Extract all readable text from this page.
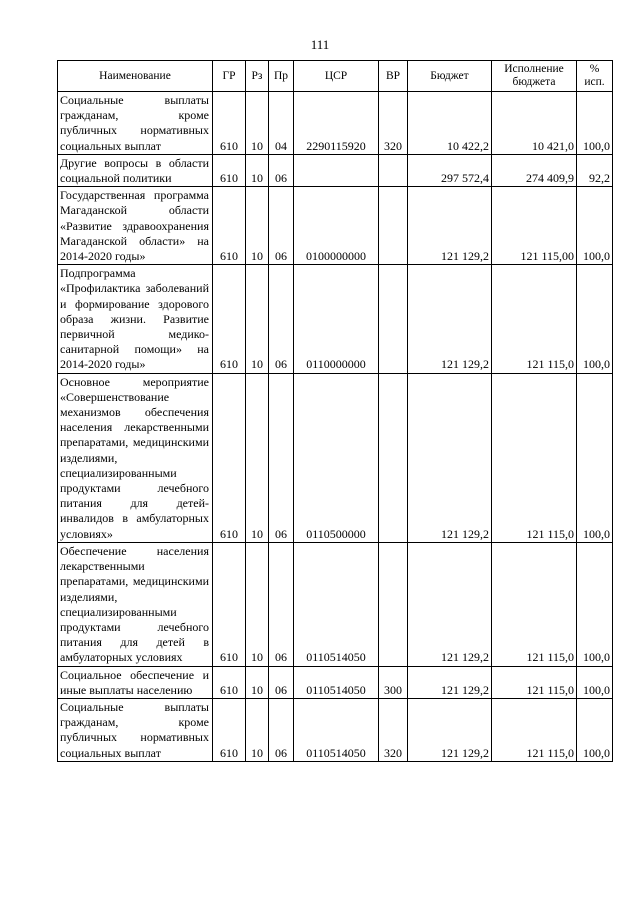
111
Наименование	ГР	Рз	Пр	ЦСР	ВР	Бюджет	Исполнение бюджета	% исп.
Социальные выплаты гражданам, кроме публичных нормативных социальных выплат	610	10	04	2290115920	320	10 422,2	10 421,0	100,0
Другие вопросы в области социальной политики	610	10	06			297 572,4	274 409,9	92,2
Государственная программа Магаданской области «Развитие здравоохранения Магаданской области» на 2014-2020 годы»	610	10	06	0100000000		121 129,2	121 115,00	100,0
Подпрограмма «Профилактика заболеваний и формирование здорового образа жизни. Развитие первичной медико-санитарной помощи» на 2014-2020 годы»	610	10	06	0110000000		121 129,2	121 115,0	100,0
Основное мероприятие «Совершенствование механизмов обеспечения населения лекарственными препаратами, медицинскими изделиями, специализированными продуктами лечебного питания для детей-инвалидов в амбулаторных условиях»	610	10	06	0110500000		121 129,2	121 115,0	100,0
Обеспечение населения лекарственными препаратами, медицинскими изделиями, специализированными продуктами лечебного питания для детей в амбулаторных условиях	610	10	06	0110514050		121 129,2	121 115,0	100,0
Социальное обеспечение и иные выплаты населению	610	10	06	0110514050	300	121 129,2	121 115,0	100,0
Социальные выплаты гражданам, кроме публичных нормативных социальных выплат	610	10	06	0110514050	320	121 129,2	121 115,0	100,0
